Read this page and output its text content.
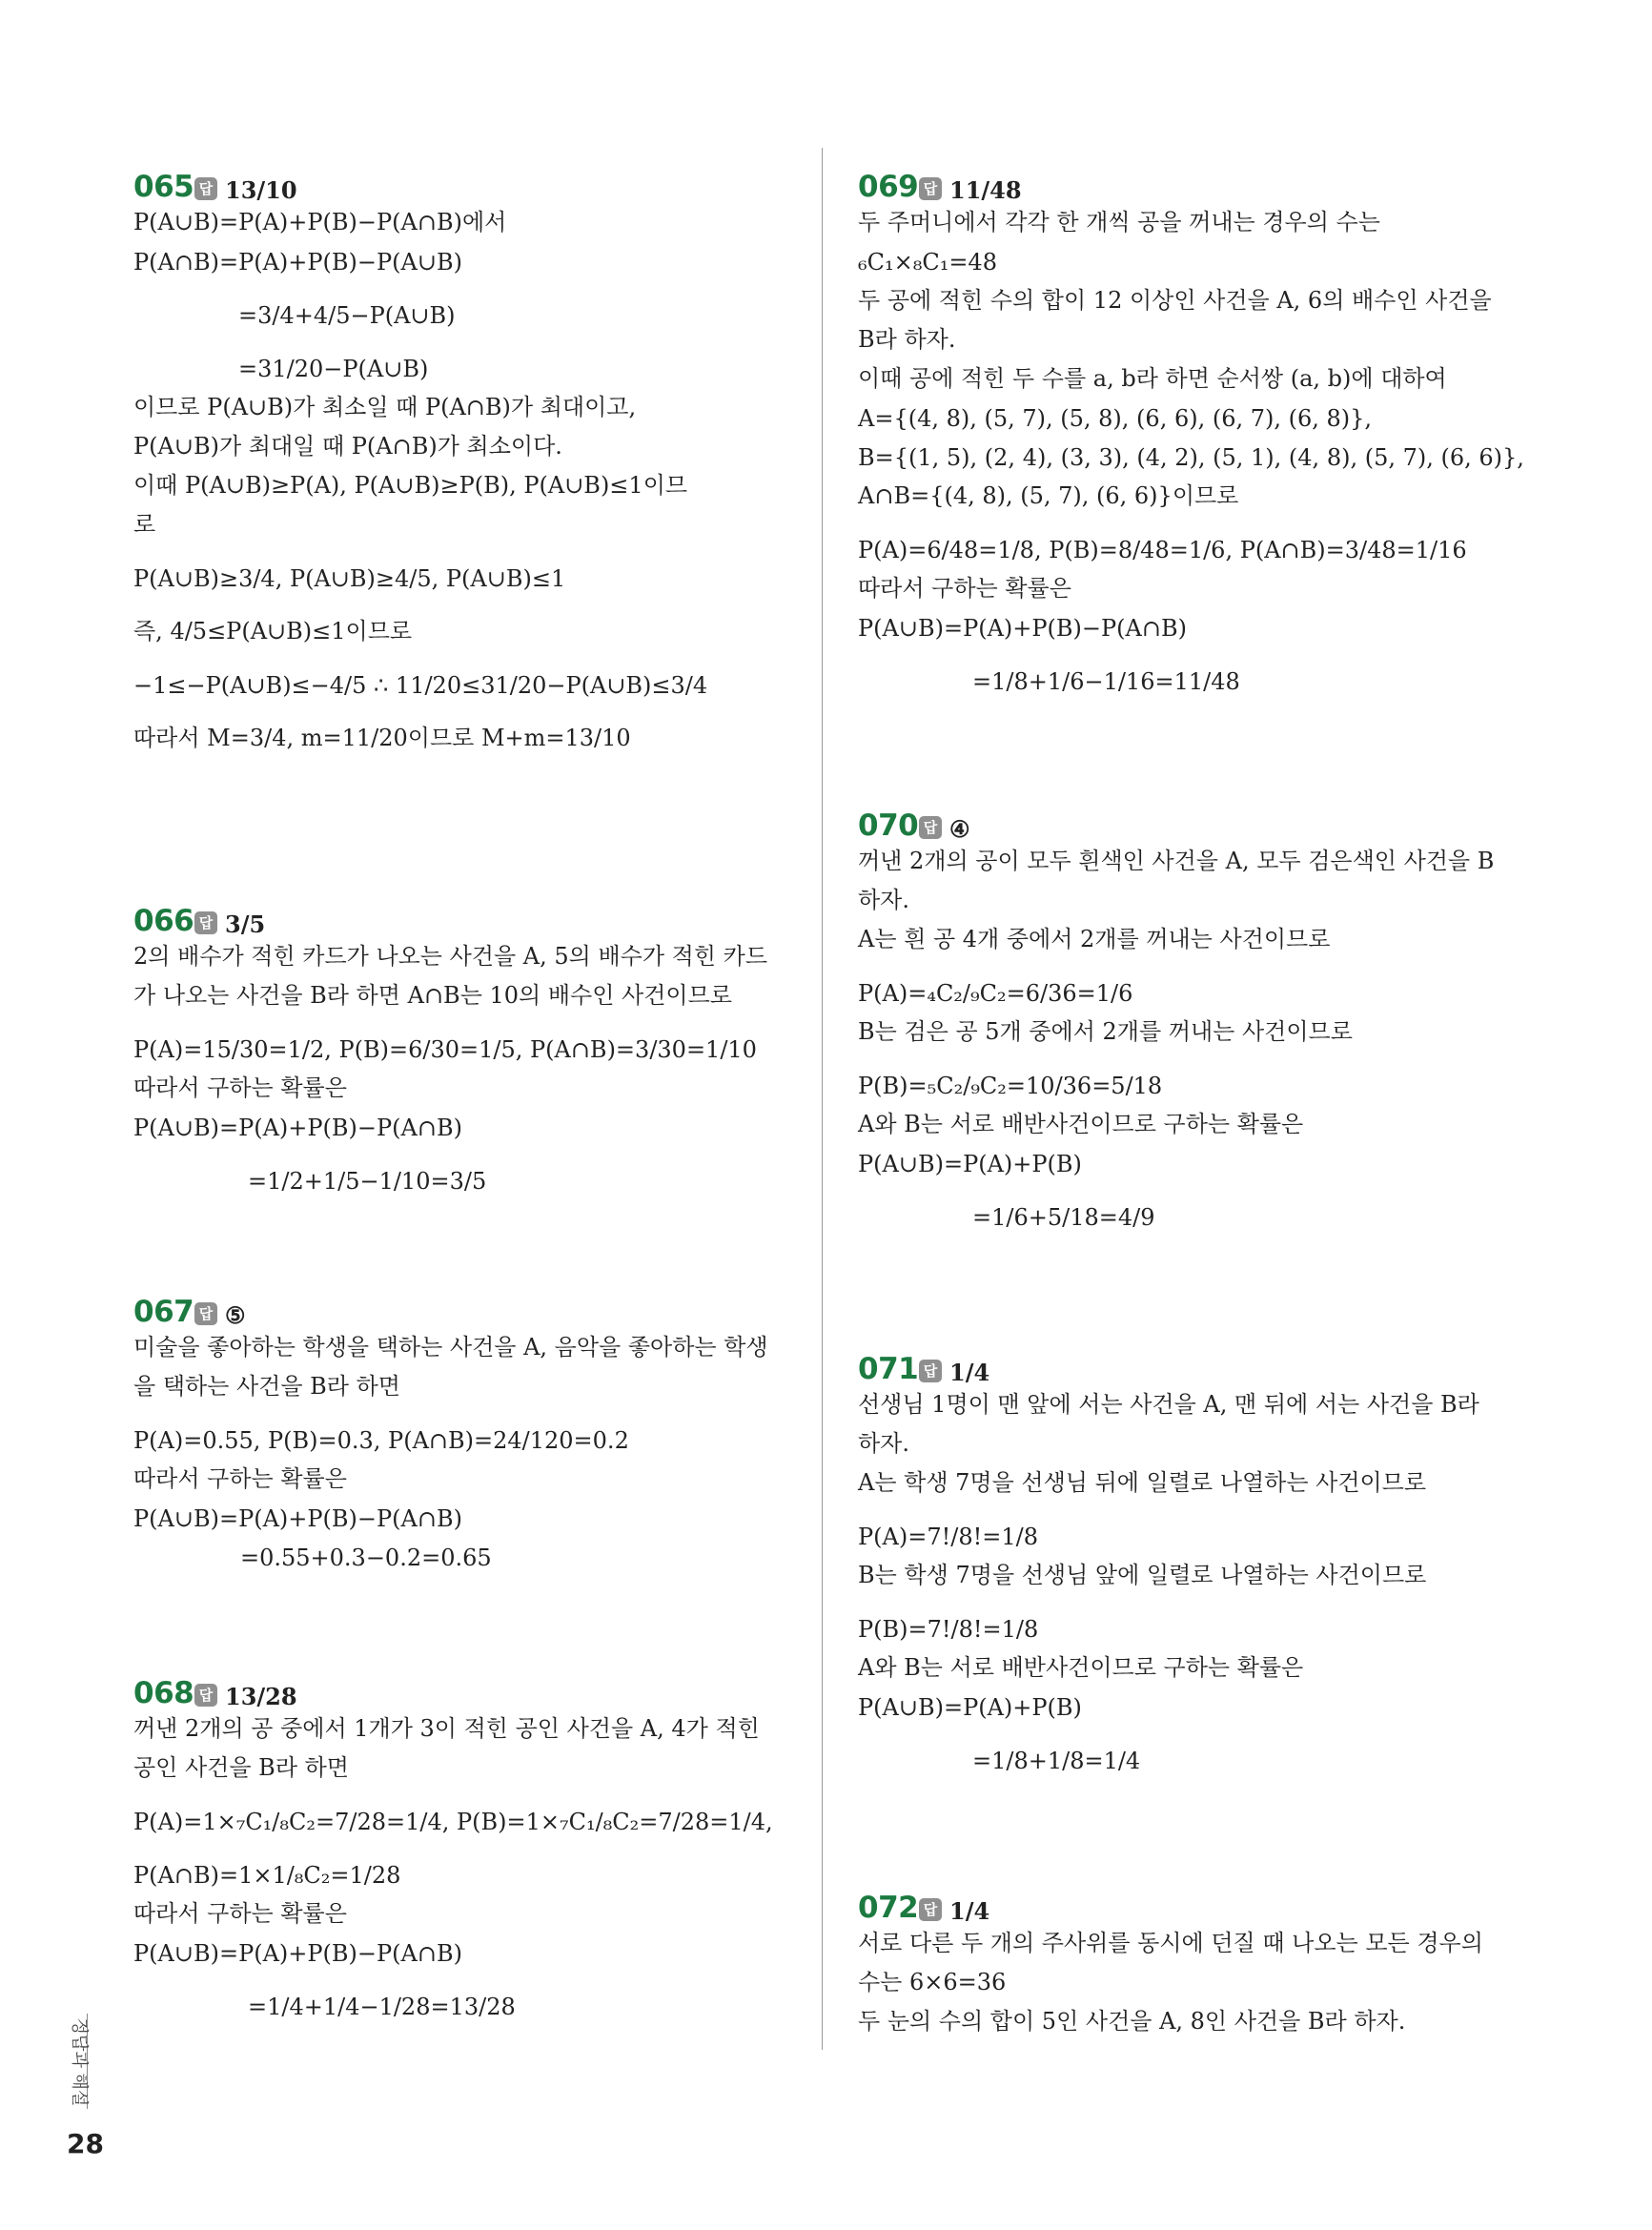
065 답 13/10
P(A∪B)=P(A)+P(B)−P(A∩B)에서
P(A∩B)=P(A)+P(B)−P(A∪B)
=3/4+4/5−P(A∪B)
=31/20−P(A∪B)
이므로 P(A∪B)가 최소일 때 P(A∩B)가 최대이고,
P(A∪B)가 최대일 때 P(A∩B)가 최소이다.
이때 P(A∪B)≥P(A), P(A∪B)≥P(B), P(A∪B)≤1이므
로
P(A∪B)≥3/4, P(A∪B)≥4/5, P(A∪B)≤1
즉, 4/5≤P(A∪B)≤1이므로
−1≤−P(A∪B)≤−4/5 ∴ 11/20≤31/20−P(A∪B)≤3/4
따라서 M=3/4, m=11/20이므로 M+m=13/10
066 답 3/5
2의 배수가 적힌 카드가 나오는 사건을 A, 5의 배수가 적힌 카드
가 나오는 사건을 B라 하면 A∩B는 10의 배수인 사건이므로
P(A)=15/30=1/2, P(B)=6/30=1/5, P(A∩B)=3/30=1/10
따라서 구하는 확률은
P(A∪B)=P(A)+P(B)−P(A∩B)
=1/2+1/5−1/10=3/5
067 답 ⑤
미술을 좋아하는 학생을 택하는 사건을 A, 음악을 좋아하는 학생
을 택하는 사건을 B라 하면
P(A)=0.55, P(B)=0.3, P(A∩B)=24/120=0.2
따라서 구하는 확률은
P(A∪B)=P(A)+P(B)−P(A∩B)
=0.55+0.3−0.2=0.65
068 답 13/28
꺼낸 2개의 공 중에서 1개가 3이 적힌 공인 사건을 A, 4가 적힌
공인 사건을 B라 하면
P(A)=1×₇C₁/₈C₂=7/28=1/4, P(B)=1×₇C₁/₈C₂=7/28=1/4,
P(A∩B)=1×1/₈C₂=1/28
따라서 구하는 확률은
P(A∪B)=P(A)+P(B)−P(A∩B)
=1/4+1/4−1/28=13/28
069 답 11/48
두 주머니에서 각각 한 개씩 공을 꺼내는 경우의 수는
₆C₁×₈C₁=48
두 공에 적힌 수의 합이 12 이상인 사건을 A, 6의 배수인 사건을
B라 하자.
이때 공에 적힌 두 수를 a, b라 하면 순서쌍 (a, b)에 대하여
A={(4, 8), (5, 7), (5, 8), (6, 6), (6, 7), (6, 8)},
B={(1, 5), (2, 4), (3, 3), (4, 2), (5, 1), (4, 8), (5, 7), (6, 6)},
A∩B={(4, 8), (5, 7), (6, 6)}이므로
P(A)=6/48=1/8, P(B)=8/48=1/6, P(A∩B)=3/48=1/16
따라서 구하는 확률은
P(A∪B)=P(A)+P(B)−P(A∩B)
=1/8+1/6−1/16=11/48
070 답 ④
꺼낸 2개의 공이 모두 흰색인 사건을 A, 모두 검은색인 사건을 B
하자.
A는 흰 공 4개 중에서 2개를 꺼내는 사건이므로
P(A)=₄C₂/₉C₂=6/36=1/6
B는 검은 공 5개 중에서 2개를 꺼내는 사건이므로
P(B)=₅C₂/₉C₂=10/36=5/18
A와 B는 서로 배반사건이므로 구하는 확률은
P(A∪B)=P(A)+P(B)
=1/6+5/18=4/9
071 답 1/4
선생님 1명이 맨 앞에 서는 사건을 A, 맨 뒤에 서는 사건을 B라
하자.
A는 학생 7명을 선생님 뒤에 일렬로 나열하는 사건이므로
P(A)=7!/8!=1/8
B는 학생 7명을 선생님 앞에 일렬로 나열하는 사건이므로
P(B)=7!/8!=1/8
A와 B는 서로 배반사건이므로 구하는 확률은
P(A∪B)=P(A)+P(B)
=1/8+1/8=1/4
072 답 1/4
서로 다른 두 개의 주사위를 동시에 던질 때 나오는 모든 경우의
수는 6×6=36
두 눈의 수의 합이 5인 사건을 A, 8인 사건을 B라 하자.
정답과 해설
28
